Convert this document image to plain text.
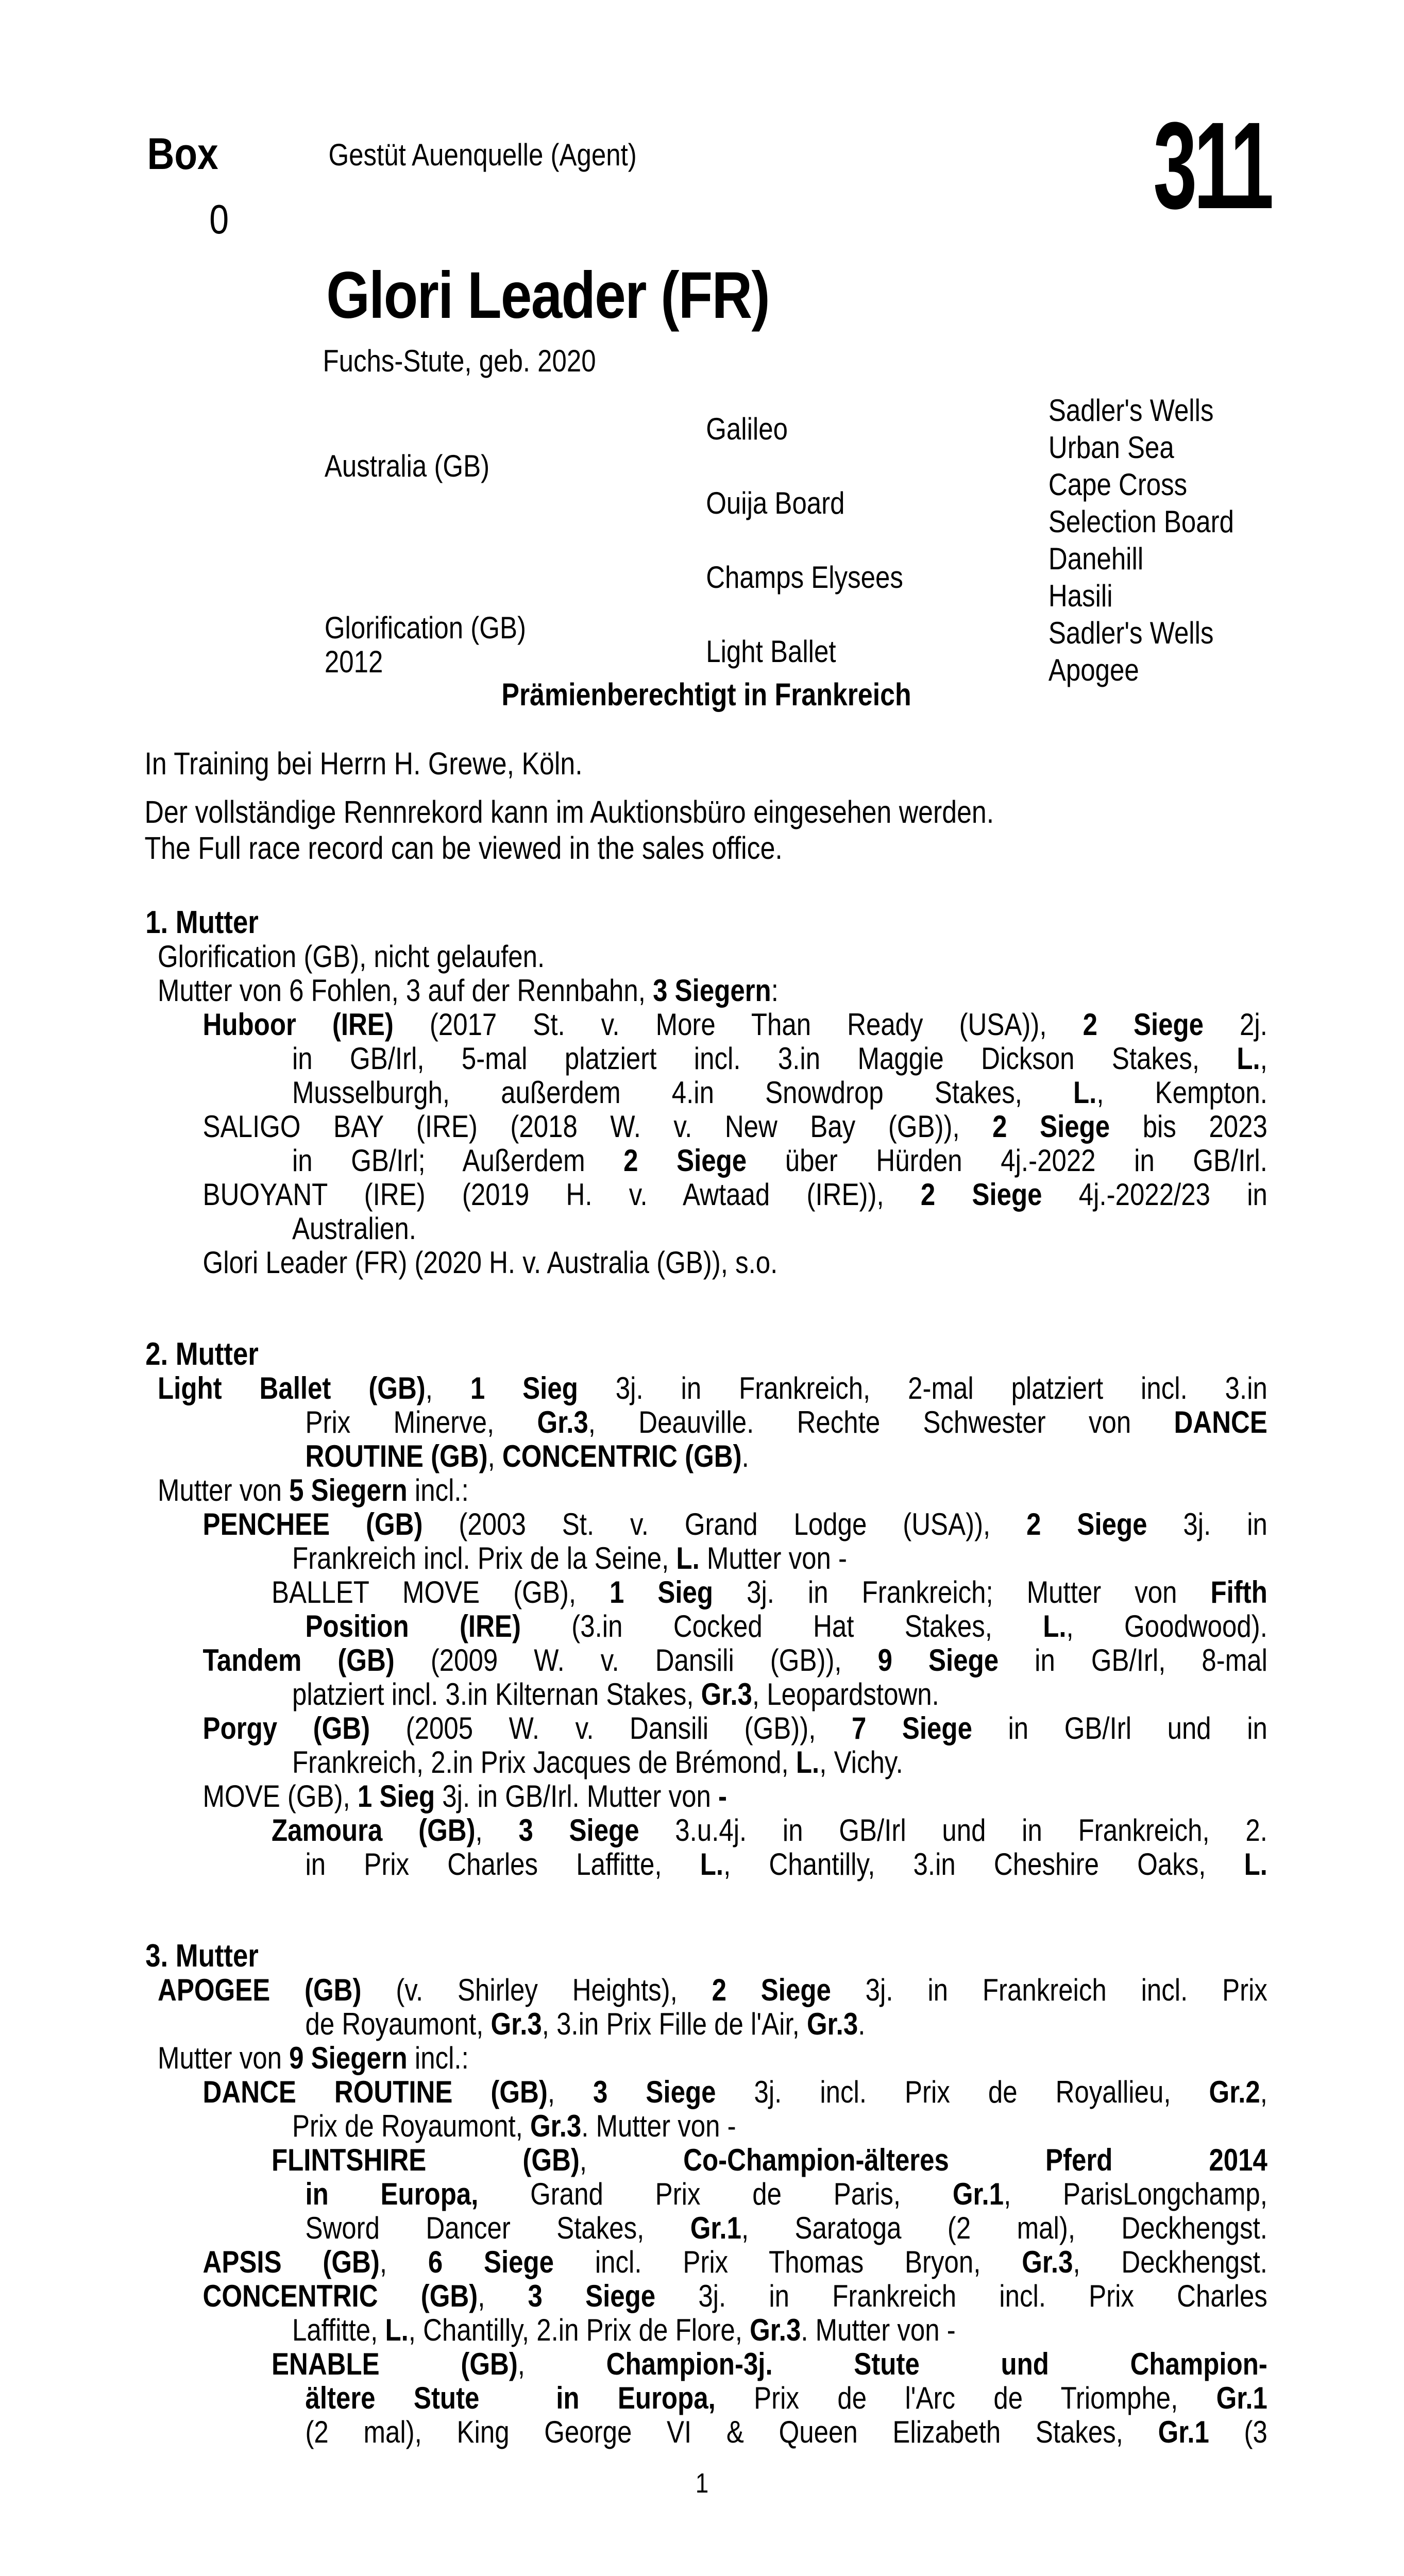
Box
0
Gestüt Auenquelle (Agent)	311
Glori Leader (FR)
Fuchs-Stute, geb. 2020
Australia (GB)
Glorification (GB)
2012
Galileo
Ouija Board
Champs Elysees
Light Ballet
Sadler's Wells
Urban Sea
Cape Cross
Selection Board
Danehill
Hasili
Sadler's Wells
Apogee
Prämienberechtigt in Frankreich
In Training bei Herrn H. Grewe, Köln.
Der vollständige Rennrekord kann im Auktionsbüro eingesehen werden.
The Full race record can be viewed in the sales office.
1. Mutter
Glorification (GB), nicht gelaufen.
Mutter von 6 Fohlen, 3 auf der Rennbahn, 3 Siegern:
Huboor (IRE) (2017 St. v. More Than Ready (USA)), 2 Siege 2j.
in GB/Irl, 5-mal platziert incl. 3.in Maggie Dickson Stakes, L.,
Musselburgh, außerdem 4.in Snowdrop Stakes, L., Kempton.
SALIGO BAY (IRE) (2018 W. v. New Bay (GB)), 2 Siege bis 2023
in GB/Irl; Außerdem 2 Siege über Hürden 4j.-2022 in GB/Irl.
BUOYANT (IRE) (2019 H. v. Awtaad (IRE)), 2 Siege 4j.-2022/23 in
Australien.
Glori Leader (FR) (2020 H. v. Australia (GB)), s.o.
2. Mutter
Light Ballet (GB), 1 Sieg 3j. in Frankreich, 2-mal platziert incl. 3.in
Prix Minerve, Gr.3, Deauville. Rechte Schwester von DANCE
ROUTINE (GB), CONCENTRIC (GB).
Mutter von 5 Siegern incl.:
PENCHEE (GB) (2003 St. v. Grand Lodge (USA)), 2 Siege 3j. in
Frankreich incl. Prix de la Seine, L. Mutter von -
BALLET MOVE (GB), 1 Sieg 3j. in Frankreich; Mutter von Fifth
Position (IRE) (3.in Cocked Hat Stakes, L., Goodwood).
Tandem (GB) (2009 W. v. Dansili (GB)), 9 Siege in GB/Irl, 8-mal
platziert incl. 3.in Kilternan Stakes, Gr.3, Leopardstown.
Porgy (GB) (2005 W. v. Dansili (GB)), 7 Siege in GB/Irl und in
Frankreich, 2.in Prix Jacques de Brémond, L., Vichy.
MOVE (GB), 1 Sieg 3j. in GB/Irl. Mutter von -
Zamoura (GB), 3 Siege 3.u.4j. in GB/Irl und in Frankreich, 2.
in Prix Charles Laffitte, L., Chantilly, 3.in Cheshire Oaks, L.
3. Mutter
APOGEE (GB) (v. Shirley Heights), 2 Siege 3j. in Frankreich incl. Prix
de Royaumont, Gr.3, 3.in Prix Fille de l'Air, Gr.3.
Mutter von 9 Siegern incl.:
DANCE ROUTINE (GB), 3 Siege 3j. incl. Prix de Royallieu, Gr.2,
Prix de Royaumont, Gr.3. Mutter von -
FLINTSHIRE (GB), Co-Champion-älteres Pferd 2014
in Europa, Grand Prix de Paris, Gr.1, ParisLongchamp,
Sword Dancer Stakes, Gr.1, Saratoga (2 mal), Deckhengst.
APSIS (GB), 6 Siege incl. Prix Thomas Bryon, Gr.3, Deckhengst.
CONCENTRIC (GB), 3 Siege 3j. in Frankreich incl. Prix Charles
Laffitte, L., Chantilly, 2.in Prix de Flore, Gr.3. Mutter von -
ENABLE (GB), Champion-3j. Stute und Champion-
ältere Stute  in Europa, Prix de l'Arc de Triomphe, Gr.1
(2 mal), King George VI & Queen Elizabeth Stakes, Gr.1 (3
1
